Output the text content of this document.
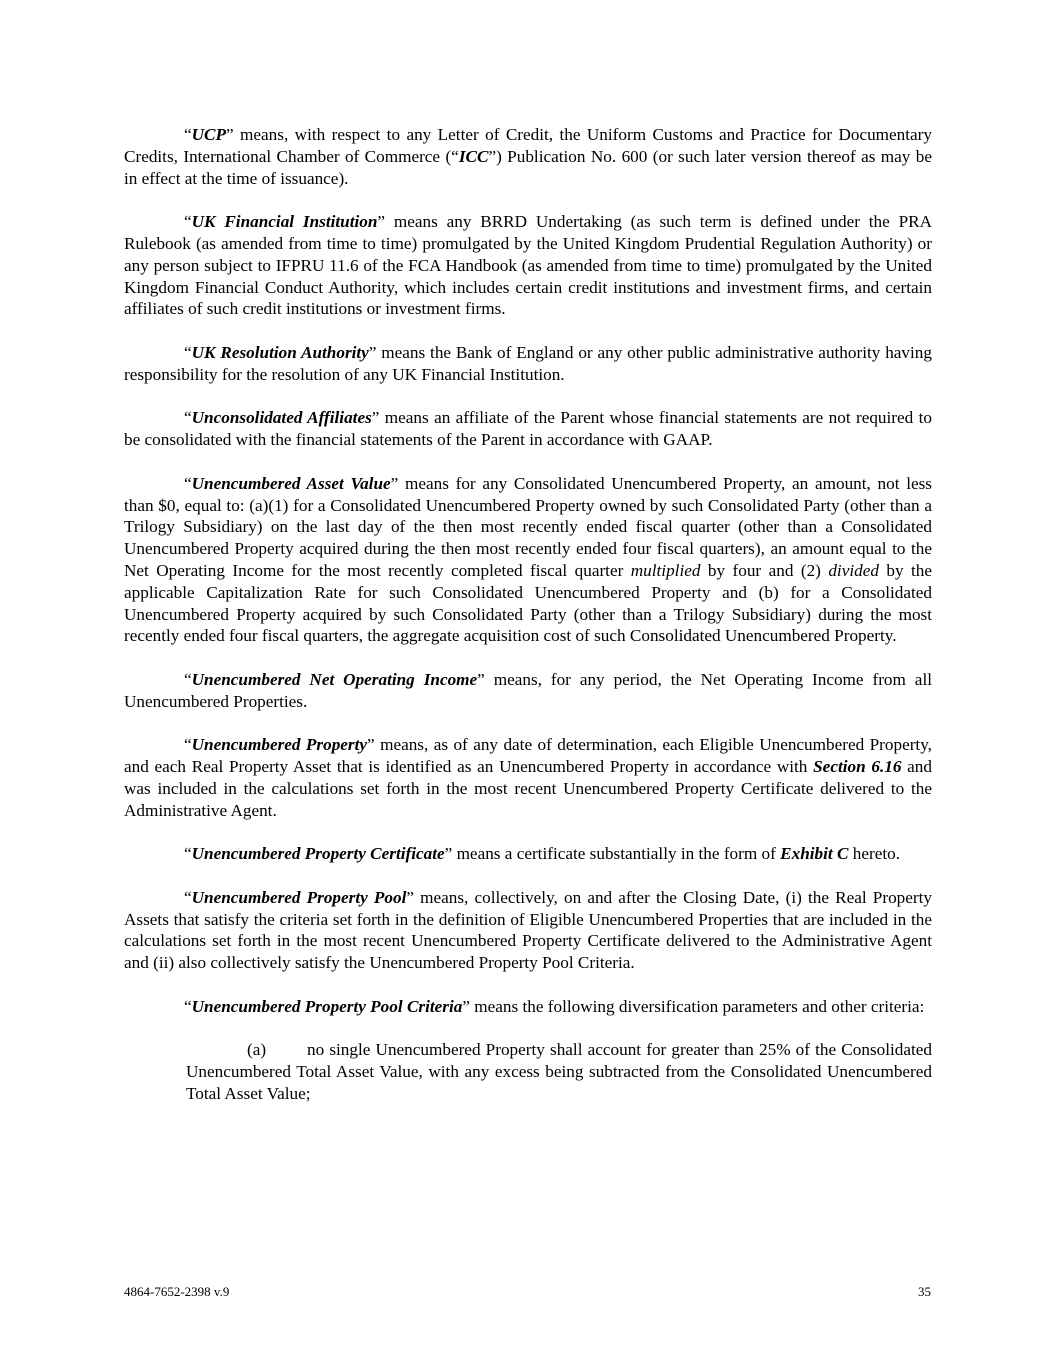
“UCP” means, with respect to any Letter of Credit, the Uniform Customs and Practice for Documentary Credits, International Chamber of Commerce (“ICC”) Publication No. 600 (or such later version thereof as may be in effect at the time of issuance).

“UK Financial Institution” means any BRRD Undertaking (as such term is defined under the PRA Rulebook (as amended from time to time) promulgated by the United Kingdom Prudential Regulation Authority) or any person subject to IFPRU 11.6 of the FCA Handbook (as amended from time to time) promulgated by the United Kingdom Financial Conduct Authority, which includes certain credit institutions and investment firms, and certain affiliates of such credit institutions or investment firms.

“UK Resolution Authority” means the Bank of England or any other public administrative authority having responsibility for the resolution of any UK Financial Institution.

“Unconsolidated Affiliates” means an affiliate of the Parent whose financial statements are not required to be consolidated with the financial statements of the Parent in accordance with GAAP.

“Unencumbered Asset Value” means for any Consolidated Unencumbered Property, an amount, not less than $0, equal to: (a)(1) for a Consolidated Unencumbered Property owned by such Consolidated Party (other than a Trilogy Subsidiary) on the last day of the then most recently ended fiscal quarter (other than a Consolidated Unencumbered Property acquired during the then most recently ended four fiscal quarters), an amount equal to the Net Operating Income for the most recently completed fiscal quarter multiplied by four and (2) divided by the applicable Capitalization Rate for such Consolidated Unencumbered Property and (b) for a Consolidated Unencumbered Property acquired by such Consolidated Party (other than a Trilogy Subsidiary) during the most recently ended four fiscal quarters, the aggregate acquisition cost of such Consolidated Unencumbered Property.

“Unencumbered Net Operating Income” means, for any period, the Net Operating Income from all Unencumbered Properties.

“Unencumbered Property” means, as of any date of determination, each Eligible Unencumbered Property, and each Real Property Asset that is identified as an Unencumbered Property in accordance with Section 6.16 and was included in the calculations set forth in the most recent Unencumbered Property Certificate delivered to the Administrative Agent.

“Unencumbered Property Certificate” means a certificate substantially in the form of Exhibit C hereto.

“Unencumbered Property Pool” means, collectively, on and after the Closing Date, (i) the Real Property Assets that satisfy the criteria set forth in the definition of Eligible Unencumbered Properties that are included in the calculations set forth in the most recent Unencumbered Property Certificate delivered to the Administrative Agent and (ii) also collectively satisfy the Unencumbered Property Pool Criteria.

“Unencumbered Property Pool Criteria” means the following diversification parameters and other criteria:

(a) no single Unencumbered Property shall account for greater than 25% of the Consolidated Unencumbered Total Asset Value, with any excess being subtracted from the Consolidated Unencumbered Total Asset Value;

4864-7652-2398 v.9	35
